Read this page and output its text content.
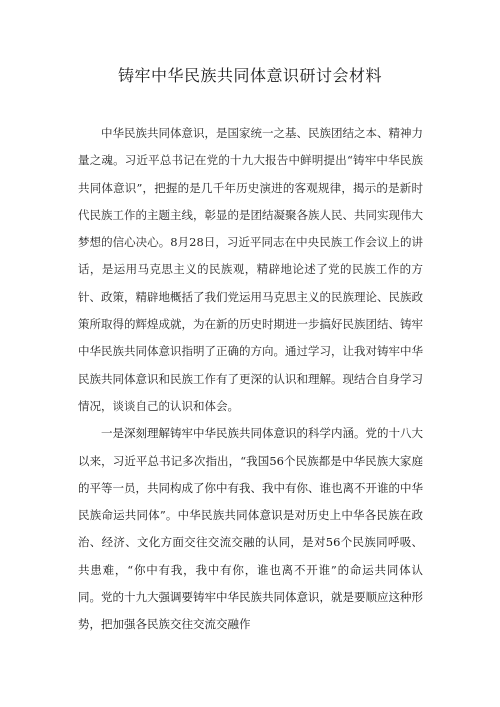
铸牢中华民族共同体意识研讨会材料

中华民族共同体意识，是国家统一之基、民族团结之本、精神力量之魂。习近平总书记在党的十九大报告中鲜明提出“铸牢中华民族共同体意识”，把握的是几千年历史演进的客观规律，揭示的是新时代民族工作的主题主线，彰显的是团结凝聚各族人民、共同实现伟大梦想的信心决心。8月28日，习近平同志在中央民族工作会议上的讲话，是运用马克思主义的民族观，精辟地论述了党的民族工作的方针、政策，精辟地概括了我们党运用马克思主义的民族理论、民族政策所取得的辉煌成就，为在新的历史时期进一步搞好民族团结、铸牢中华民族共同体意识指明了正确的方向。通过学习，让我对铸牢中华民族共同体意识和民族工作有了更深的认识和理解。现结合自身学习情况，谈谈自己的认识和体会。

一是深刻理解铸牢中华民族共同体意识的科学内涵。党的十八大以来，习近平总书记多次指出，“我国56个民族都是中华民族大家庭的平等一员，共同构成了你中有我、我中有你、谁也离不开谁的中华民族命运共同体”。中华民族共同体意识是对历史上中华各民族在政治、经济、文化方面交往交流交融的认同，是对56个民族同呼吸、共患难，“你中有我，我中有你，谁也离不开谁”的命运共同体认同。党的十九大强调要铸牢中华民族共同体意识，就是要顺应这种形势，把加强各民族交往交流交融作
